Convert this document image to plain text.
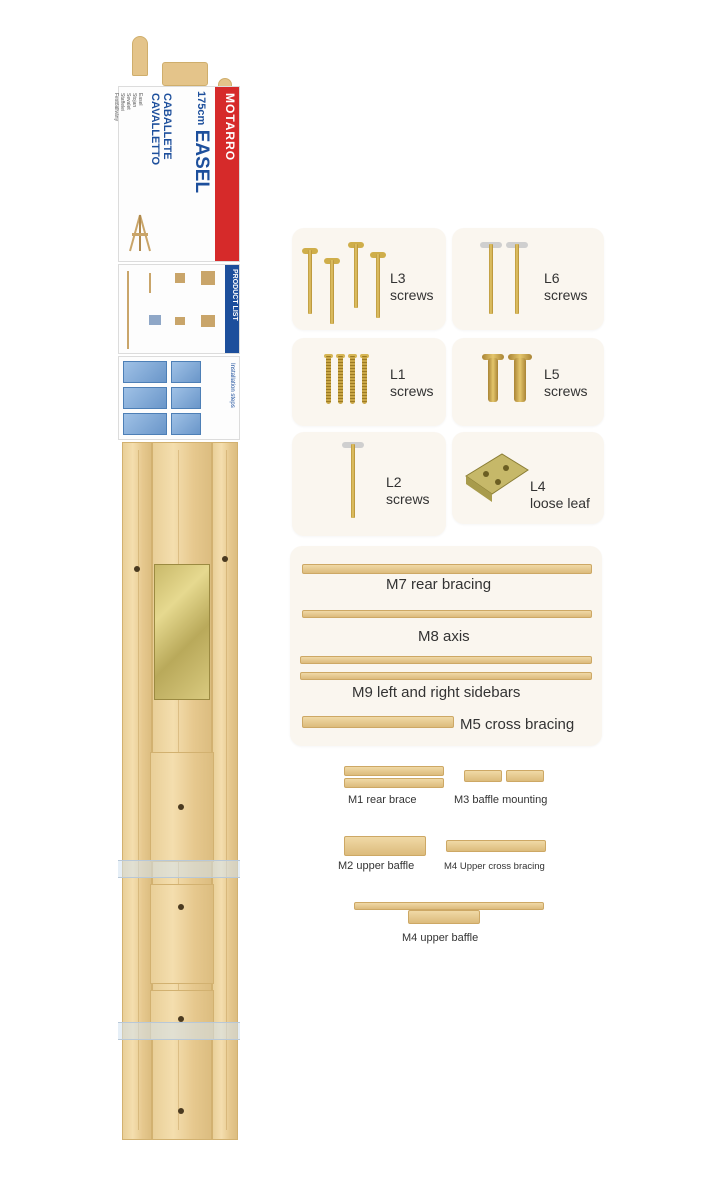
MOTARRO
175cm EASEL
CABALLETE
CAVALLETTO
Easel
Stojan
Sevalet
Staffelei
Festőállvány
PRODUCT LIST
Installation steps
L3
screws
L6
screws
L1
screws
L5
screws
L2
screws
L4
loose leaf
M7 rear bracing
M8 axis
M9 left and right sidebars
M5 cross bracing
M1 rear brace	M3 baffle mounting
M2 upper baffle	M4 Upper cross bracing
M4 upper baffle
